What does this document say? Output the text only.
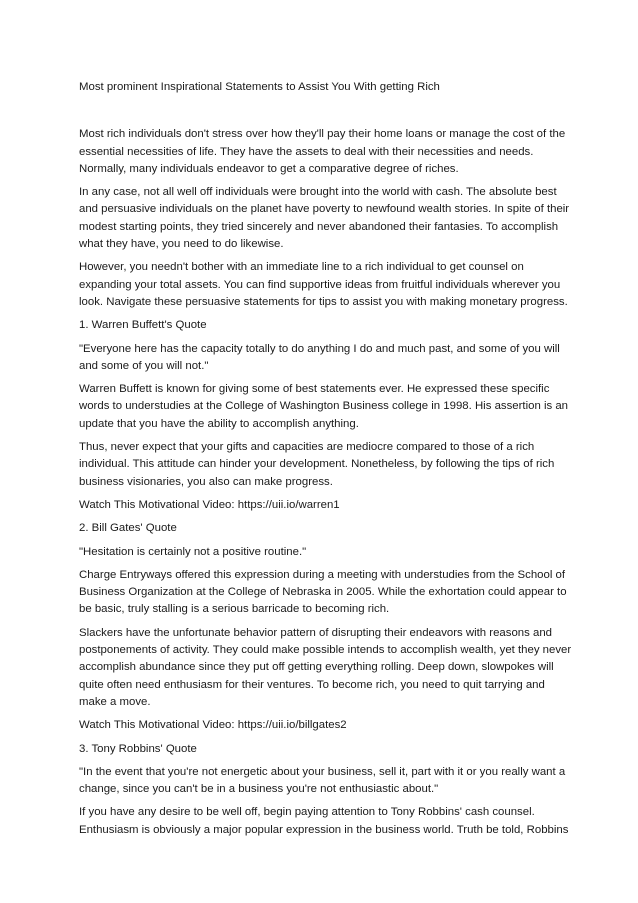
Most prominent Inspirational Statements to Assist You With getting Rich

Most rich individuals don't stress over how they'll pay their home loans or manage the cost of the essential necessities of life. They have the assets to deal with their necessities and needs. Normally, many individuals endeavor to get a comparative degree of riches.

In any case, not all well off individuals were brought into the world with cash. The absolute best and persuasive individuals on the planet have poverty to newfound wealth stories. In spite of their modest starting points, they tried sincerely and never abandoned their fantasies. To accomplish what they have, you need to do likewise.

However, you needn't bother with an immediate line to a rich individual to get counsel on expanding your total assets. You can find supportive ideas from fruitful individuals wherever you look. Navigate these persuasive statements for tips to assist you with making monetary progress.

1. Warren Buffett's Quote

"Everyone here has the capacity totally to do anything I do and much past, and some of you will and some of you will not."

Warren Buffett is known for giving some of best statements ever. He expressed these specific words to understudies at the College of Washington Business college in 1998. His assertion is an update that you have the ability to accomplish anything.

Thus, never expect that your gifts and capacities are mediocre compared to those of a rich individual. This attitude can hinder your development. Nonetheless, by following the tips of rich business visionaries, you also can make progress.

Watch This Motivational Video: https://uii.io/warren1

2. Bill Gates' Quote

"Hesitation is certainly not a positive routine."

Charge Entryways offered this expression during a meeting with understudies from the School of Business Organization at the College of Nebraska in 2005. While the exhortation could appear to be basic, truly stalling is a serious barricade to becoming rich.

Slackers have the unfortunate behavior pattern of disrupting their endeavors with reasons and postponements of activity. They could make possible intends to accomplish wealth, yet they never accomplish abundance since they put off getting everything rolling. Deep down, slowpokes will quite often need enthusiasm for their ventures. To become rich, you need to quit tarrying and make a move.

Watch This Motivational Video: https://uii.io/billgates2

3. Tony Robbins' Quote

"In the event that you're not energetic about your business, sell it, part with it or you really want a change, since you can't be in a business you're not enthusiastic about."

If you have any desire to be well off, begin paying attention to Tony Robbins' cash counsel. Enthusiasm is obviously a major popular expression in the business world. Truth be told, Robbins
